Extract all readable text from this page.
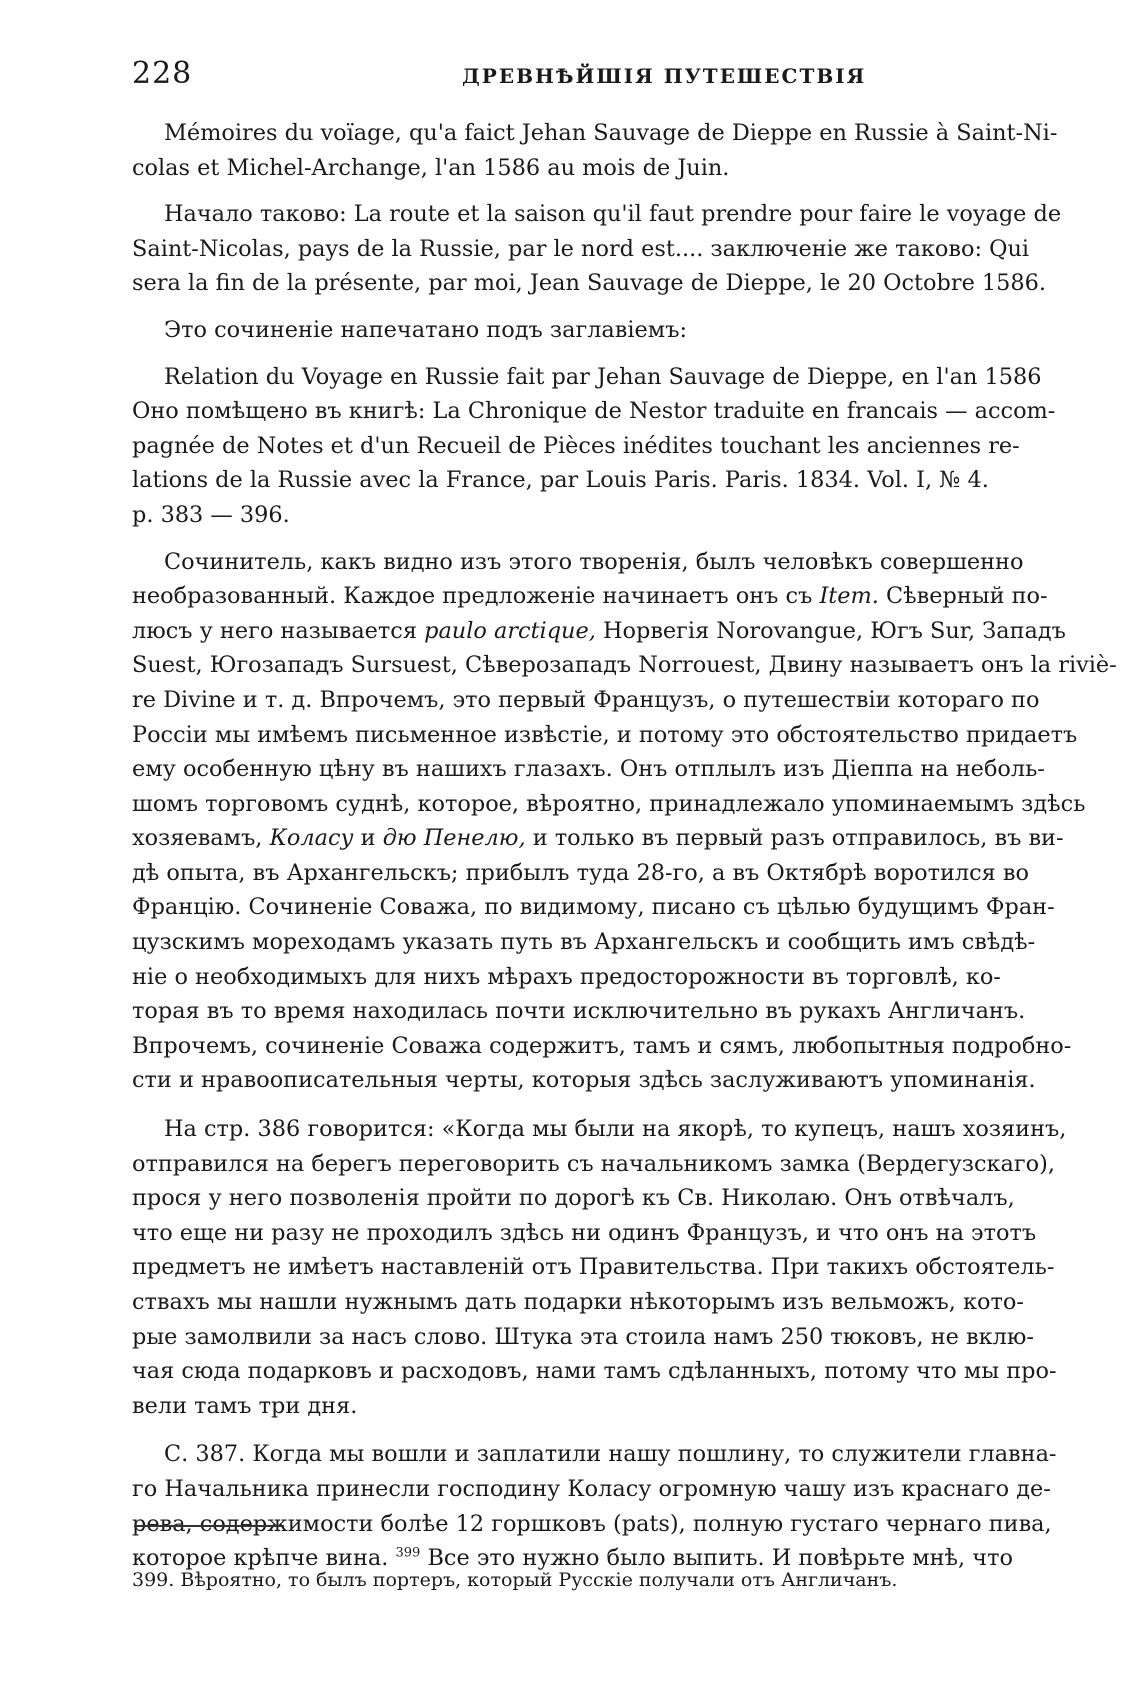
228	ДРЕВНѢЙШІЯ ПУТЕШЕСТВІЯ

Mémoires du voïage, qu'a faict Jehan Sauvage de Dieppe en Russie à Saint-Ni-
colas et Michel-Archange, l'an 1586 au mois de Juin.

Начало таково: La route et la saison qu'il faut prendre pour faire le voyage de
Saint-Nicolas, pays de la Russie, par le nord est.... заключеніе же таково: Qui
sera la fin de la présente, par moi, Jean Sauvage de Dieppe, le 20 Octobre 1586.

Это сочиненіе напечатано подъ заглавіемъ:

Relation du Voyage en Russie fait par Jehan Sauvage de Dieppe, en l'an 1586
Оно помѣщено въ книгѣ: La Chronique de Nestor traduite en francais — accom-
pagnée de Notes et d'un Recueil de Pièces inédites touchant les anciennes re-
lations de la Russie avec la France, par Louis Paris. Paris. 1834. Vol. I, № 4.
p. 383 — 396.

Сочинитель, какъ видно изъ этого творенія, былъ человѣкъ совершенно
необразованный. Каждое предложеніе начинаетъ онъ съ Item. Сѣверный по-
люсъ у него называется paulo arctique, Норвегія Norovangue, Югъ Sur, Западъ
Suest, Югозападъ Sursuest, Сѣверозападъ Norrouest, Двину называетъ онъ la riviè-
re Divine и т. д. Впрочемъ, это первый Французъ, о путешествіи котораго по
Россіи мы имѣемъ письменное извѣстіе, и потому это обстоятельство придаетъ
ему особенную цѣну въ нашихъ глазахъ. Онъ отплылъ изъ Діеппа на неболь-
шомъ торговомъ суднѣ, которое, вѣроятно, принадлежало упоминаемымъ здѣсь
хозяевамъ, Коласу и дю Пенелю, и только въ первый разъ отправилось, въ ви-
дѣ опыта, въ Архангельскъ; прибылъ туда 28-го, а въ Октябрѣ воротился во
Францію. Сочиненіе Соважа, по видимому, писано съ цѣлью будущимъ Фран-
цузскимъ мореходамъ указать путь въ Архангельскъ и сообщить имъ свѣдѣ-
ніе о необходимыхъ для нихъ мѣрахъ предосторожности въ торговлѣ, ко-
торая въ то время находилась почти исключительно въ рукахъ Англичанъ.
Впрочемъ, сочиненіе Соважа содержитъ, тамъ и сямъ, любопытныя подробно-
сти и нравоописательныя черты, которыя здѣсь заслуживаютъ упоминанія.

На стр. 386 говорится: «Когда мы были на якорѣ, то купецъ, нашъ хозяинъ,
отправился на берегъ переговорить съ начальникомъ замка (Вердегузскаго),
прося у него позволенія пройти по дорогѣ къ Св. Николаю. Онъ отвѣчалъ,
что еще ни разу не проходилъ здѣсь ни одинъ Французъ, и что онъ на этотъ
предметъ не имѣетъ наставленій отъ Правительства. При такихъ обстоятель-
ствахъ мы нашли нужнымъ дать подарки нѣкоторымъ изъ вельможъ, кото-
рые замолвили за насъ слово. Штука эта стоила намъ 250 тюковъ, не вклю-
чая сюда подарковъ и расходовъ, нами тамъ сдѣланныхъ, потому что мы про-
вели тамъ три дня.

С. 387. Когда мы вошли и заплатили нашу пошлину, то служители главна-
го Начальника принесли господину Коласу огромную чашу изъ краснаго де-
рева, содержимости болѣе 12 горшковъ (pats), полную густаго чернаго пива,
которое крѣпче вина. $^{399}$ Все это нужно было выпить. И повѣрьте мнѣ, что

399. Вѣроятно, то былъ портеръ, который Русскіе получали отъ Англичанъ.
